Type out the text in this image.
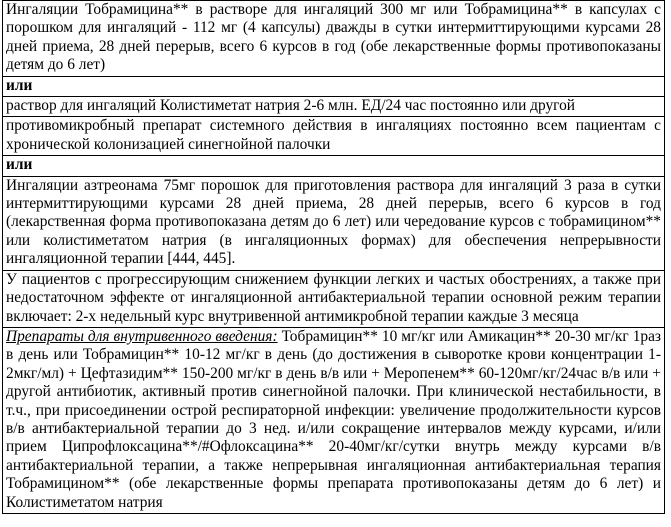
Ингаляции Тобрамицина** в растворе для ингаляций 300 мг или Тобрамицина** в капсулах с порошком для ингаляций - 112 мг (4 капсулы) дважды в сутки интермиттирующими курсами 28 дней приема, 28 дней перерыв, всего 6 курсов в год (обе лекарственные формы противопоказаны детям до 6 лет)
или
раствор для ингаляций Колистиметат натрия 2-6 млн. ЕД/24 час постоянно или другой
противомикробный препарат системного действия в ингаляциях постоянно всем пациентам с хронической колонизацией синегнойной палочки
или
Ингаляции азтреонама 75мг порошок для приготовления раствора для ингаляций 3 раза в сутки интермиттирующими курсами 28 дней приема, 28 дней перерыв, всего 6 курсов в год (лекарственная форма противопоказана детям до 6 лет) или чередование курсов с тобрамицином** или колистиметатом натрия (в ингаляционных формах) для обеспечения непрерывности ингаляционной терапии [444, 445].
У пациентов с прогрессирующим снижением функции легких и частых обострениях, а также при недостаточном эффекте от ингаляционной антибактериальной терапии основной режим терапии включает: 2-х недельный курс внутривенной антимикробной терапии каждые 3 месяца
Препараты для внутривенного введения: Тобрамицин** 10 мг/кг или Амикацин** 20-30 мг/кг 1раз в день или Тобрамицин** 10-12 мг/кг в день (до достижения в сыворотке крови концентрации 1-2мкг/мл) + Цефтазидим** 150-200 мг/кг в день в/в или + Меропенем** 60-120мг/кг/24час в/в или + другой антибиотик, активный против синегнойной палочки. При клинической нестабильности, в т.ч., при присоединении острой респираторной инфекции: увеличение продолжительности курсов в/в антибактериальной терапии до 3 нед. и/или сокращение интервалов между курсами, и/или прием Ципрофлоксацина**/#Офлоксацина** 20-40мг/кг/сутки внутрь между курсами в/в антибактериальной терапии, а также непрерывная ингаляционная антибактериальная терапия Тобрамицином** (обе лекарственные формы препарата противопоказаны детям до 6 лет) и Колистиметатом натрия
